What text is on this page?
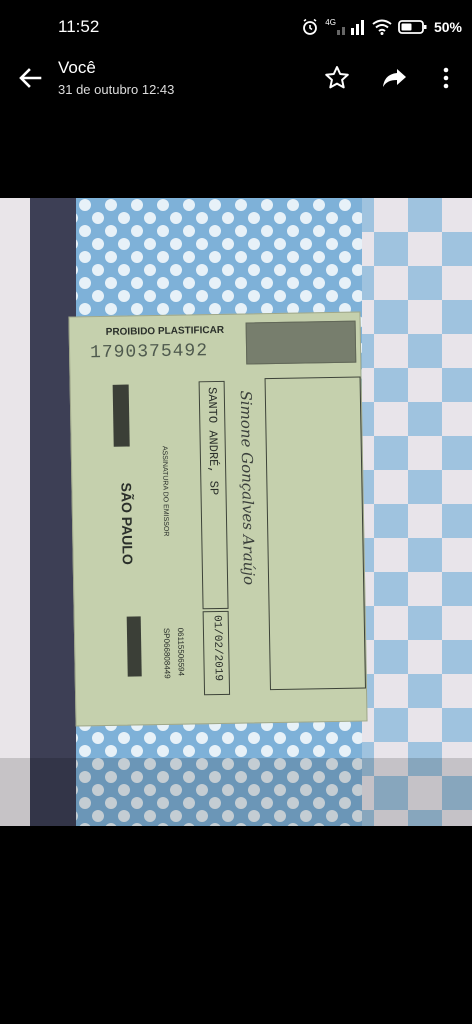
11:52	4G	50%
Você
31 de outubro 12:43
PROIBIDO PLASTIFICAR
1790375492
SÃO PAULO	ASSINATURA DO EMISSOR	SANTO ANDRÉ, SP
01/02/2019
06115506594
SP066808449
Simone Gonçalves Araújo
